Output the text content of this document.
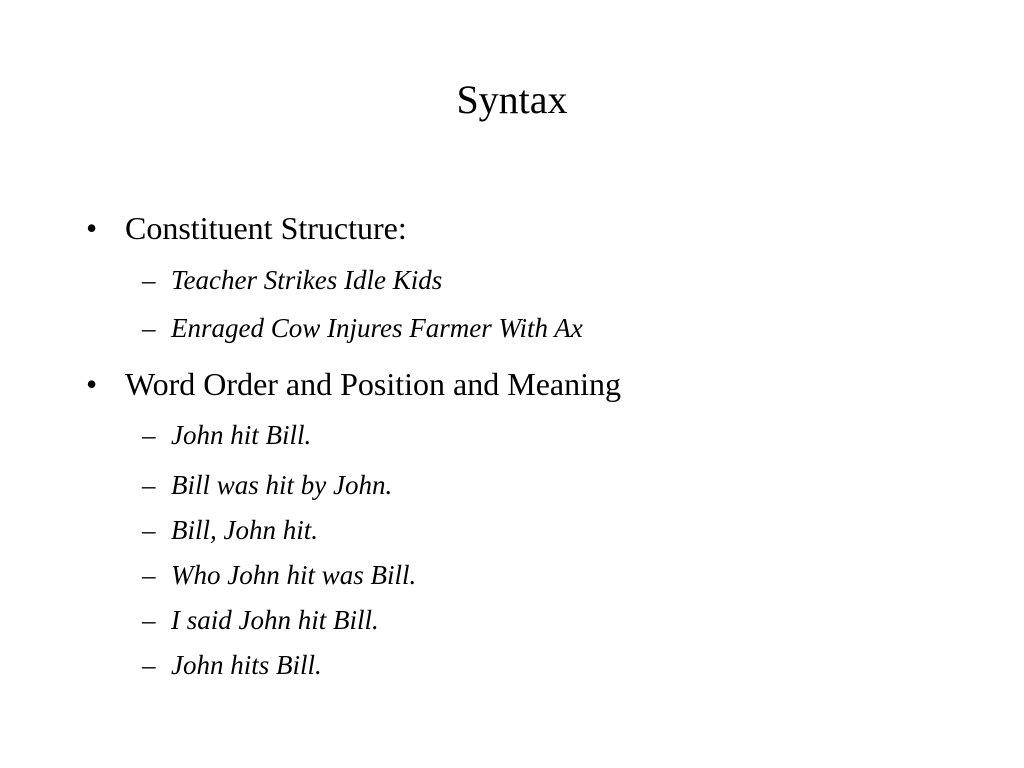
Syntax
• Constituent Structure:
– Teacher Strikes Idle Kids
– Enraged Cow Injures Farmer With Ax
• Word Order and Position and Meaning
– John hit Bill.
– Bill was hit by John.
– Bill, John hit.
– Who John hit was Bill.
– I said John hit Bill.
– John hits Bill.
